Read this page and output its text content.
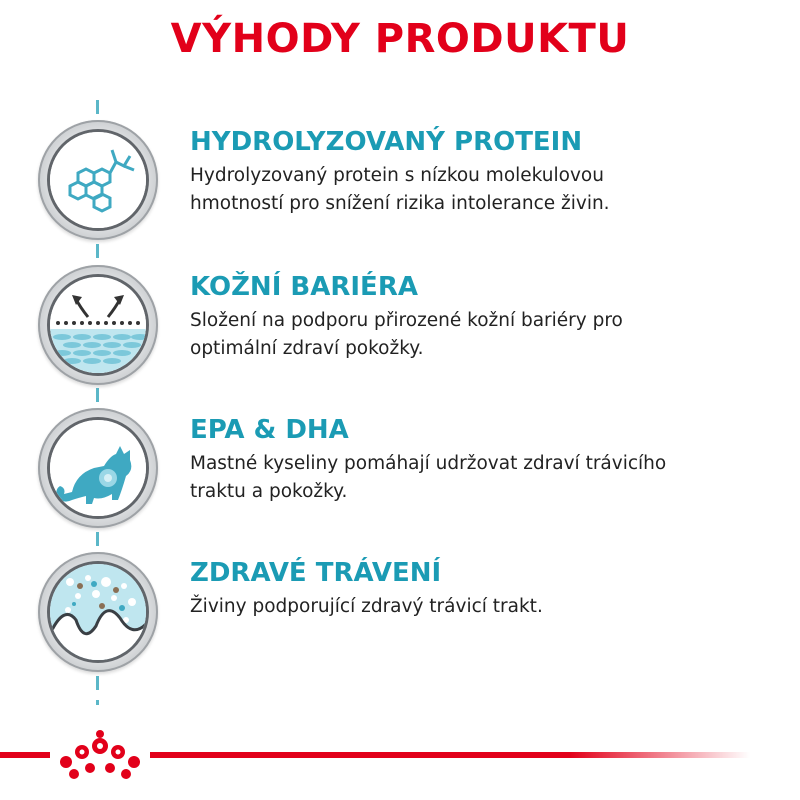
VÝHODY PRODUKTU
HYDROLYZOVANÝ PROTEIN
Hydrolyzovaný protein s nízkou molekulovou
hmotností pro snížení rizika intolerance živin.
KOŽNÍ BARIÉRA
Složení na podporu přirozené kožní bariéry pro
optimální zdraví pokožky.
EPA & DHA
Mastné kyseliny pomáhají udržovat zdraví trávicího
traktu a pokožky.
ZDRAVÉ TRÁVENÍ
Živiny podporující zdravý trávicí trakt.
